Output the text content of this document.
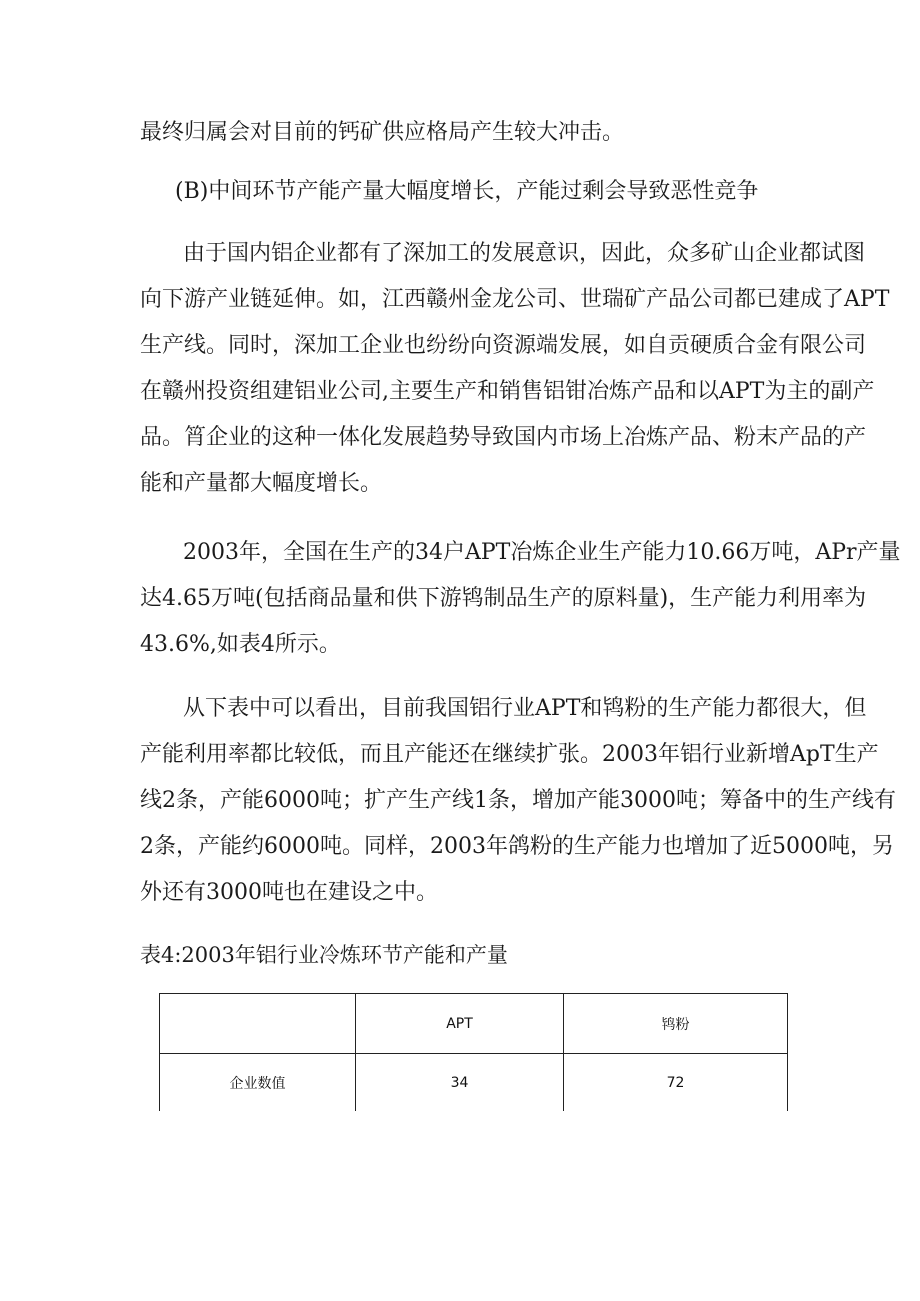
最终归属会对目前的钙矿供应格局产生较大冲击。
(B)中间环节产能产量大幅度增长，产能过剩会导致恶性竞争
由于国内铝企业都有了深加工的发展意识，因此，众多矿山企业都试图
向下游产业链延伸。如，江西赣州金龙公司、世瑞矿产品公司都已建成了APT
生产线。同时，深加工企业也纷纷向资源端发展，如自贡硬质合金有限公司
在赣州投资组建铝业公司,主要生产和销售铝钳冶炼产品和以APT为主的副产
品。筲企业的这种一体化发展趋势导致国内市场上冶炼产品、粉末产品的产
能和产量都大幅度增长。
2003年，全国在生产的34户APT冶炼企业生产能力10.66万吨，APr产量
达4.65万吨(包括商品量和供下游鸨制品生产的原料量)，生产能力利用率为
43.6%,如表4所示。
从下表中可以看出，目前我国铝行业APT和鸨粉的生产能力都很大，但
产能利用率都比较低，而且产能还在继续扩张。2003年铝行业新增ApT生产
线2条，产能6000吨；扩产生产线1条，增加产能3000吨；筹备中的生产线有
2条，产能约6000吨。同样，2003年鸽粉的生产能力也增加了近5000吨，另
外还有3000吨也在建设之中。
表4:2003年铝行业冷炼环节产能和产量
	APT	鸨粉
企业数值	34	72
